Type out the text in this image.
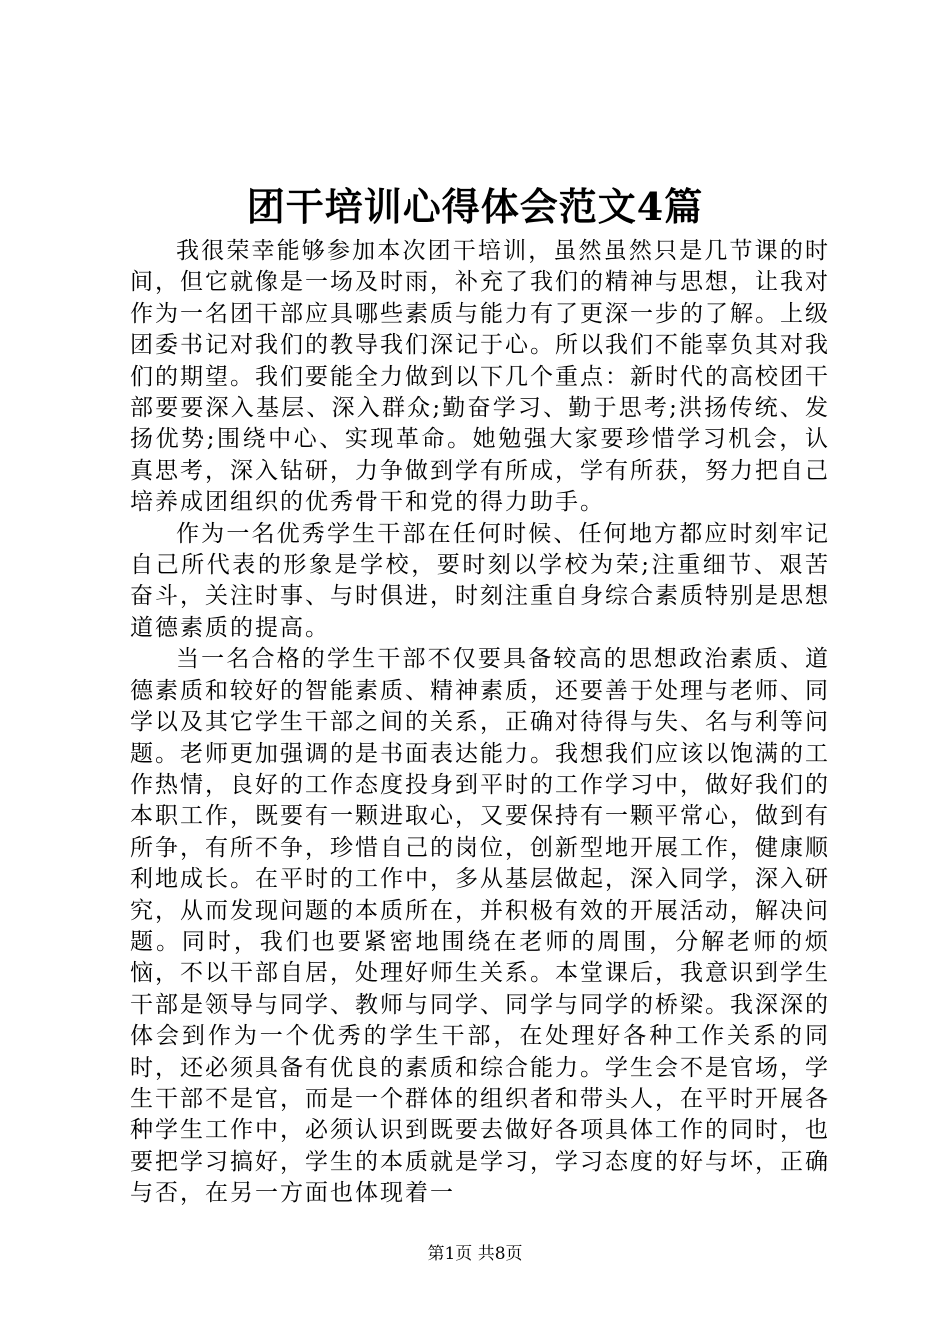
团干培训心得体会范文4篇

我很荣幸能够参加本次团干培训，虽然虽然只是几节课的时间，但它就像是一场及时雨，补充了我们的精神与思想，让我对作为一名团干部应具哪些素质与能力有了更深一步的了解。上级团委书记对我们的教导我们深记于心。所以我们不能辜负其对我们的期望。我们要能全力做到以下几个重点：新时代的高校团干部要要深入基层、深入群众;勤奋学习、勤于思考;洪扬传统、发扬优势;围绕中心、实现革命。她勉强大家要珍惜学习机会，认真思考，深入钻研，力争做到学有所成，学有所获，努力把自己培养成团组织的优秀骨干和党的得力助手。

作为一名优秀学生干部在任何时候、任何地方都应时刻牢记自己所代表的形象是学校，要时刻以学校为荣;注重细节、艰苦奋斗，关注时事、与时俱进，时刻注重自身综合素质特别是思想道德素质的提高。

当一名合格的学生干部不仅要具备较高的思想政治素质、道德素质和较好的智能素质、精神素质，还要善于处理与老师、同学以及其它学生干部之间的关系，正确对待得与失、名与利等问题。老师更加强调的是书面表达能力。我想我们应该以饱满的工作热情，良好的工作态度投身到平时的工作学习中，做好我们的本职工作，既要有一颗进取心，又要保持有一颗平常心，做到有所争，有所不争，珍惜自己的岗位，创新型地开展工作，健康顺利地成长。在平时的工作中，多从基层做起，深入同学，深入研究，从而发现问题的本质所在，并积极有效的开展活动，解决问题。同时，我们也要紧密地围绕在老师的周围，分解老师的烦恼，不以干部自居，处理好师生关系。本堂课后，我意识到学生干部是领导与同学、教师与同学、同学与同学的桥梁。我深深的体会到作为一个优秀的学生干部，在处理好各种工作关系的同时，还必须具备有优良的素质和综合能力。学生会不是官场，学生干部不是官，而是一个群体的组织者和带头人，在平时开展各种学生工作中，必须认识到既要去做好各项具体工作的同时，也要把学习搞好，学生的本质就是学习，学习态度的好与坏，正确与否，在另一方面也体现着一

第1页 共8页
